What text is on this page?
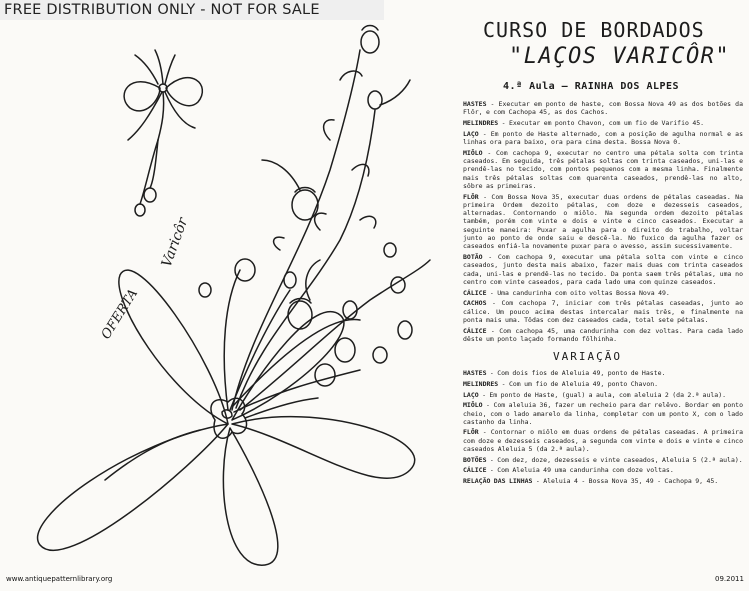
OFERTA
Varicôr
FREE DISTRIBUTION ONLY - NOT FOR SALE
CURSO DE BORDADOS
"LAÇOS VARICÔR"
4.ª Aula — RAINHA DOS ALPES

HASTES - Executar em ponto de haste, com Bossa Nova 49 as dos botões da Flôr, e com Cachopa 45, as dos Cachos.

MELINDRES - Executar em ponto Chavon, com um fio de Varifio 45.

LAÇO - Em ponto de Haste alternado, com a posição de agulha normal e as linhas ora para baixo, ora para cima desta. Bossa Nova 0.

MIÔLO - Com cachopa 9, executar no centro uma pétala solta com trinta caseados. Em seguida, três pétalas soltas com trinta caseados, uni-las e prendê-las no tecido, com pontos pequenos com a mesma linha. Finalmente mais três pétalas soltas com quarenta caseados, prendê-las no alto, sôbre as primeiras.

FLÔR - Com Bossa Nova 35, executar duas ordens de pétalas caseadas. Na primeira Ordem dezoito pétalas, com doze e dezesseis caseados, alternadas. Contornando o miôlo. Na segunda ordem dezoito pétalas também, porém com vinte e dois e vinte e cinco caseados. Executar a seguinte maneira: Puxar a agulha para o direito do trabalho, voltar junto ao ponto de onde saiu e descê-la. No fuxico da agulha fazer os caseados enfiá-la novamente puxar para o avesso, assim sucessivamente.

BOTÃO - Com cachopa 9, executar uma pétala solta com vinte e cinco caseados, junto desta mais abaixo, fazer mais duas com trinta caseados cada, uni-las e prendê-las no tecido. Da ponta saem três pétalas, uma no centro com vinte caseados, para cada lado uma com quinze caseados.

CÁLICE - Uma candurinha com oito voltas Bossa Nova 49.

CACHOS - Com cachopa 7, iniciar com três pétalas caseadas, junto ao cálice. Um pouco acima destas intercalar mais três, e finalmente na ponta mais uma. Tôdas com dez caseados cada, total sete pétalas.

CÁLICE - Com cachopa 45, uma candurinha com dez voltas. Para cada lado dêste um ponto laçado formando fôlhinha.

VARIAÇÃO

HASTES - Com dois fios de Aleluia 49, ponto de Haste.

MELINDRES - Com um fio de Aleluia 49, ponto Chavon.

LAÇO - Em ponto de Haste, (gual) a aula, com aleluia 2 (da 2.ª aula).

MIÔLO - Com aleluia 36, fazer um recheio para dar relêvo. Bordar em ponto cheio, com o lado amarelo da linha, completar com um ponto X, com o lado castanho da linha.

FLÔR - Contornar o miôlo em duas ordens de pétalas caseadas. A primeira com doze e dezesseis caseados, a segunda com vinte e dois e vinte e cinco caseados Aleluia 5 (da 2.ª aula).

BOTÕES - Com dez, doze, dezesseis e vinte caseados, Aleluia 5 (2.ª aula).

CÁLICE - Com Aleluia 49 uma candurinha com doze voltas.

RELAÇÃO DAS LINHAS - Aleluia 4 - Bossa Nova 35, 49 - Cachopa 9, 45.

www.antiquepatternlibrary.org	09.2011
